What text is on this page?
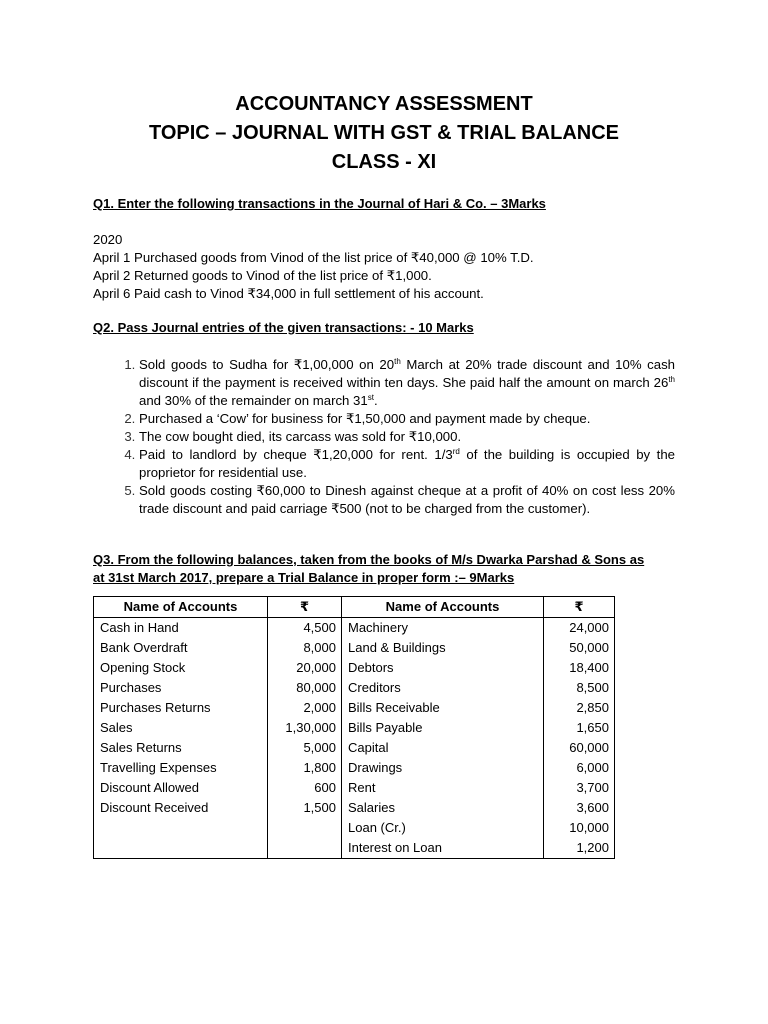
ACCOUNTANCY ASSESSMENT
TOPIC – JOURNAL WITH GST & TRIAL BALANCE
CLASS - XI
Q1. Enter the following transactions in the Journal of Hari & Co. – 3Marks
2020
April 1 Purchased goods from Vinod of the list price of ₹40,000 @ 10% T.D.
April 2 Returned goods to Vinod of the list price of ₹1,000.
April 6 Paid cash to Vinod ₹34,000 in full settlement of his account.
Q2. Pass Journal entries of the given transactions: - 10 Marks
1. Sold goods to Sudha for ₹1,00,000 on 20th March at 20% trade discount and 10% cash discount if the payment is received within ten days. She paid half the amount on march 26th and 30% of the remainder on march 31st.
2. Purchased a ‘Cow’ for business for ₹1,50,000 and payment made by cheque.
3. The cow bought died, its carcass was sold for ₹10,000.
4. Paid to landlord by cheque ₹1,20,000 for rent. 1/3rd of the building is occupied by the proprietor for residential use.
5. Sold goods costing ₹60,000 to Dinesh against cheque at a profit of 40% on cost less 20% trade discount and paid carriage ₹500 (not to be charged from the customer).
Q3. From the following balances, taken from the books of M/s Dwarka Parshad & Sons as
at 31st March 2017, prepare a Trial Balance in proper form :– 9Marks
Name of Accounts	₹	Name of Accounts	₹
Cash in Hand	4,500	Machinery	24,000
Bank Overdraft	8,000	Land & Buildings	50,000
Opening Stock	20,000	Debtors	18,400
Purchases	80,000	Creditors	8,500
Purchases Returns	2,000	Bills Receivable	2,850
Sales	1,30,000	Bills Payable	1,650
Sales Returns	5,000	Capital	60,000
Travelling Expenses	1,800	Drawings	6,000
Discount Allowed	600	Rent	3,700
Discount Received	1,500	Salaries	3,600
		Loan (Cr.)	10,000
		Interest on Loan	1,200
